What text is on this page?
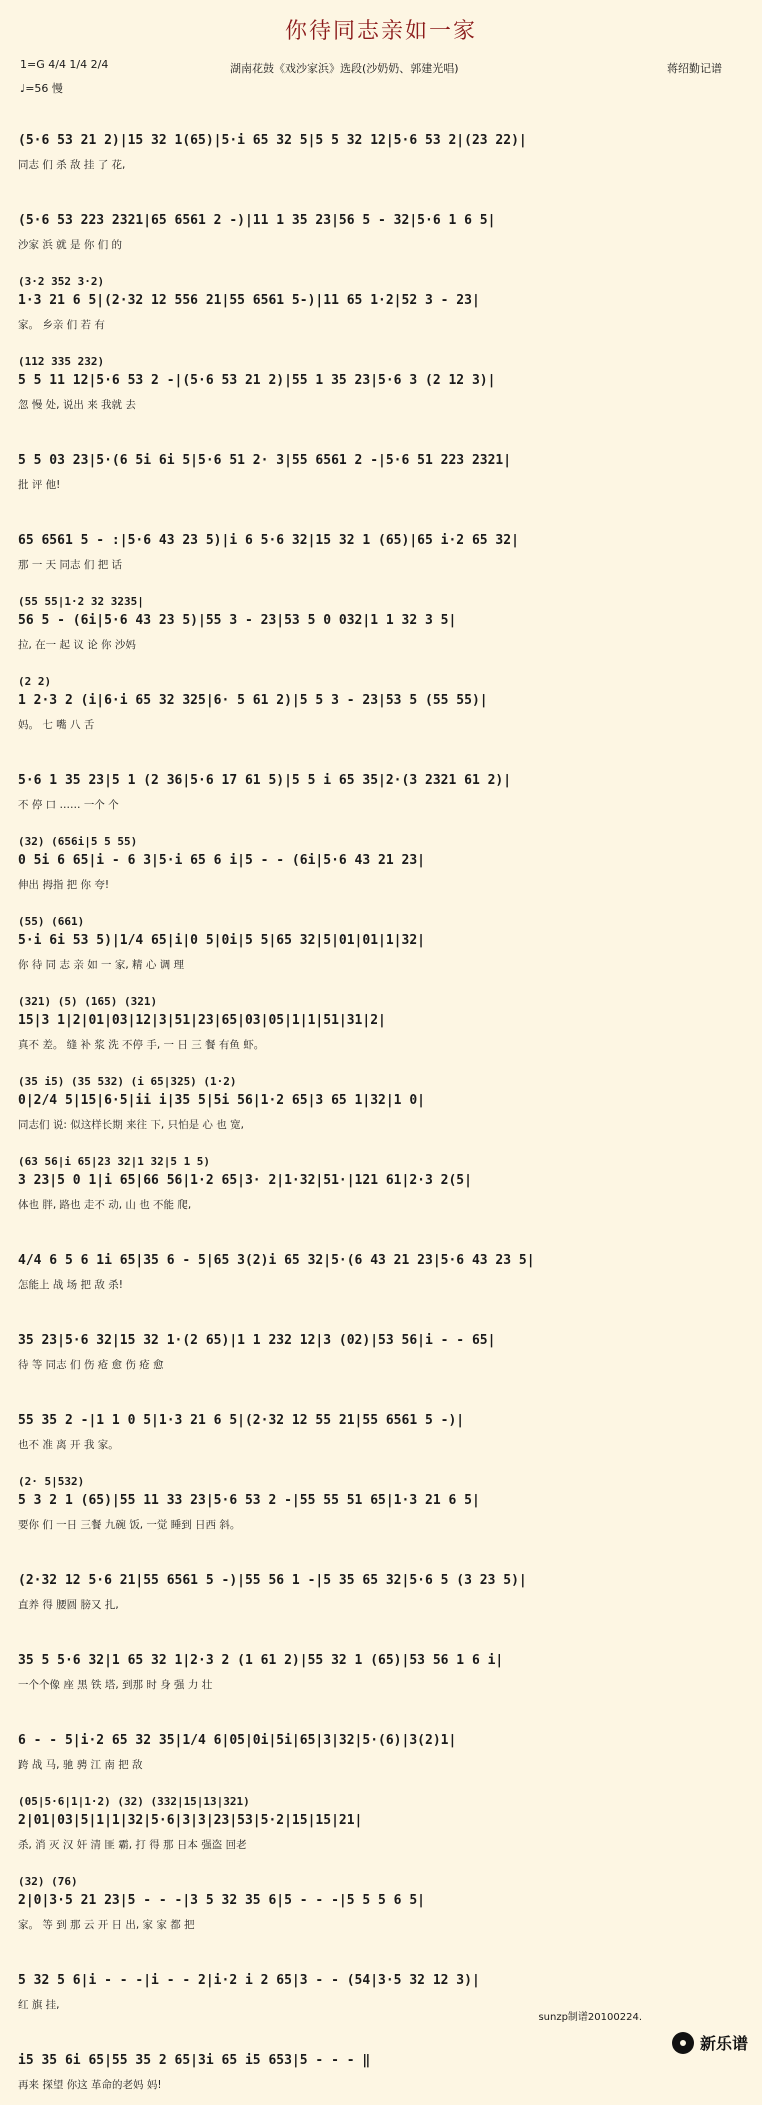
你待同志亲如一家
1=G 4/4 1/4 2/4
♩=56 慢
湖南花鼓《戏沙家浜》选段(沙奶奶、郭建光唱)	蒋绍勤记谱
(5·6 53 21 2)|15 32 1(65)|5·i 65 32 5|5 5 32 12|5·6 53 2|(23 22)|
同志 们 杀 敌 挂 了 花,
(5·6 53 223 2321|65 6561 2 -)|11 1 35 23|56 5 - 32|5·6 1 6 5|
沙家 浜 就 是 你 们 的
(3·2 352 3·2)
1·3 21 6 5|(2·32 12 556 21|55 6561 5-)|11 65 1·2|52 3 - 23|
家。 乡亲 们 若 有
(112 335 232)
5 5 11 12|5·6 53 2 -|(5·6 53 21 2)|55 1 35 23|5·6 3 (2 12 3)|
忽 慢 处, 说出 来 我就 去
5 5 03 23|5·(6 5i 6i 5|5·6 51 2· 3|55 6561 2 -|5·6 51 223 2321|
批 评 他!
65 6561 5 - :|5·6 43 23 5)|i 6 5·6 32|15 32 1 (65)|65 i·2 65 32|
那 一 天 同志 们 把 话
(55 55|1·2 32 3235|
56 5 - (6i|5·6 43 23 5)|55 3 - 23|53 5 0 032|1 1 32 3 5|
拉, 在一 起 议 论 你 沙妈
(2 2)
1 2·3 2 (i|6·i 65 32 325|6· 5 61 2)|5 5 3 - 23|53 5 (55 55)|
妈。 七 嘴 八 舌
5·6 1 35 23|5 1 (2 36|5·6 17 61 5)|5 5 i 65 35|2·(3 2321 61 2)|
不 停 口 …… 一个 个
(32) (656i|5 5 55)
0 5i 6 65|i - 6 3|5·i 65 6 i|5 - - (6i|5·6 43 21 23|
伸出 拇指 把 你 夸!
(55) (661)
5·i 6i 53 5)|1/4 65|i|0 5|0i|5 5|65 32|5|01|01|1|32|
你 待 同 志 亲 如 一 家, 精 心 调 理
(321) (5) (165) (321)
15|3 1|2|01|03|12|3|51|23|65|03|05|1|1|51|31|2|
真不 差。 缝 补 浆 洗 不停 手, 一 日 三 餐 有鱼 虾。
(35 i5) (35 532) (i 65|325) (1·2)
0|2/4 5|15|6·5|ii i|35 5|5i 56|1·2 65|3 65 1|32|1 0|
同志们 说: 似这样长期 来往 下, 只怕是 心 也 宽,
(63 56|i 65|23 32|1 32|5 1 5)
3 23|5 0 1|i 65|66 56|1·2 65|3· 2|1·32|51·|121 61|2·3 2(5|
体也 胖, 路也 走不 动, 山 也 不能 爬,
4/4 6 5 6 1i 65|35 6 - 5|65 3(2)i 65 32|5·(6 43 21 23|5·6 43 23 5|
怎能上 战 场 把 敌 杀!
35 23|5·6 32|15 32 1·(2 65)|1 1 232 12|3 (02)|53 56|i - - 65|
待 等 同志 们 伤 疮 愈 伤 疮 愈
55 35 2 -|1 1 0 5|1·3 21 6 5|(2·32 12 55 21|55 6561 5 -)|
也不 准 离 开 我 家。
(2· 5|532)
5 3 2 1 (65)|55 11 33 23|5·6 53 2 -|55 55 51 65|1·3 21 6 5|
要你 们 一日 三餐 九碗 饭, 一觉 睡到 日西 斜。
(2·32 12 5·6 21|55 6561 5 -)|55 56 1 -|5 35 65 32|5·6 5 (3 23 5)|
直养 得 腰圆 膀又 扎,
35 5 5·6 32|1 65 32 1|2·3 2 (1 61 2)|55 32 1 (65)|53 56 1 6 i|
一个个像 座 黑 铁 塔, 到那 时 身 强 力 壮
6 - - 5|i·2 65 32 35|1/4 6|05|0i|5i|65|3|32|5·(6)|3(2)1|
跨 战 马, 驰 骋 江 南 把 敌
(05|5·6|1|1·2) (32) (332|15|13|321)
2|01|03|5|1|1|32|5·6|3|3|23|53|5·2|15|15|21|
杀, 消 灭 汉 奸 清 匪 霸, 打 得 那 日本 强盗 回老
(32) (76)
2|0|3·5 21 23|5 - - -|3 5 32 35 6|5 - - -|5 5 5 6 5|
家。 等 到 那 云 开 日 出, 家 家 都 把
5 32 5 6|i - - -|i - - 2|i·2 i 2 65|3 - - (54|3·5 32 12 3)|
红 旗 挂,
i5 35 6i 65|55 35 2 65|3i 65 i5 653|5 - - - ‖
再来 探望 你这 革命的老妈 妈!
sunzp制谱20100224.
新乐谱
